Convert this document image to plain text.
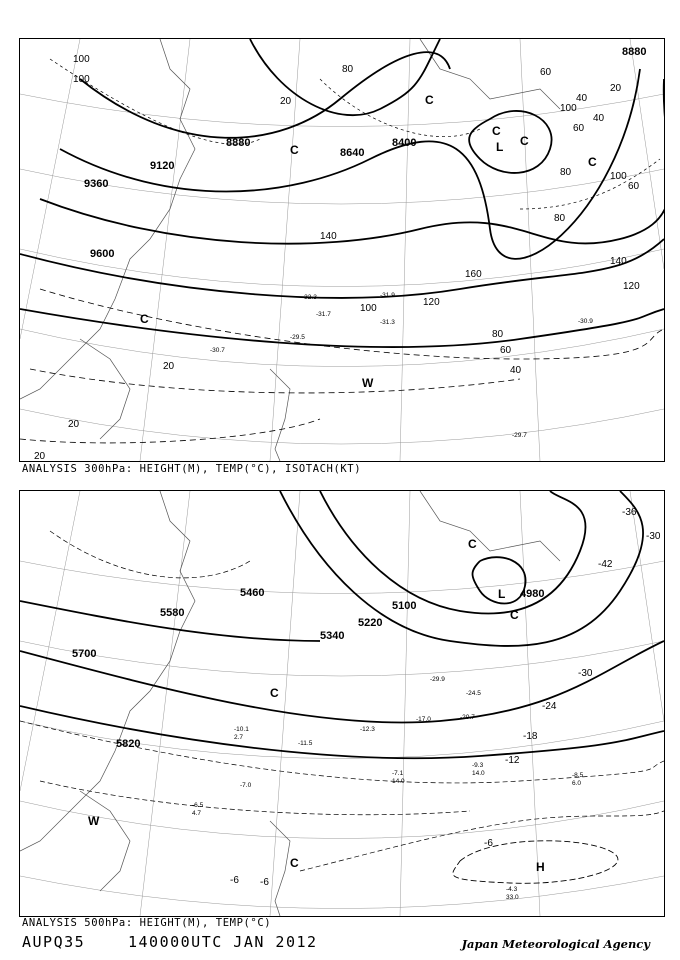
8880
8880
8640
8400
9120
9360
9600
100
100
80	60
40
20
20
20	40
60
80
100
120
140
160
100
120
140
80
60
40
80
100
60
20
20
-30.7
-31.9
-31.7
-31.3
-32.3
-29.5
-29.7
-30.9
C
C
C
C
C
C
L
W
ANALYSIS 300hPa: HEIGHT(M), TEMP(°C), ISOTACH(KT)
5580
5460
5700
5820
5100
5220
4980
5340
-36
-30
-42
-30
-24
-18
-12
-6
-6
-6
-8.5
6.0
-9.3
14.0
-7.1
14.0
-4.3
33.0
-7.0
-6.5
4.7
-10.1
2.7
-11.5
-12.3
-17.0	-20.7
-24.5
-29.9
H
L
C
C
W
C
C
ANALYSIS 500hPa: HEIGHT(M), TEMP(°C)
AUPQ35	140000UTC JAN 2012	Japan Meteorological Agency
